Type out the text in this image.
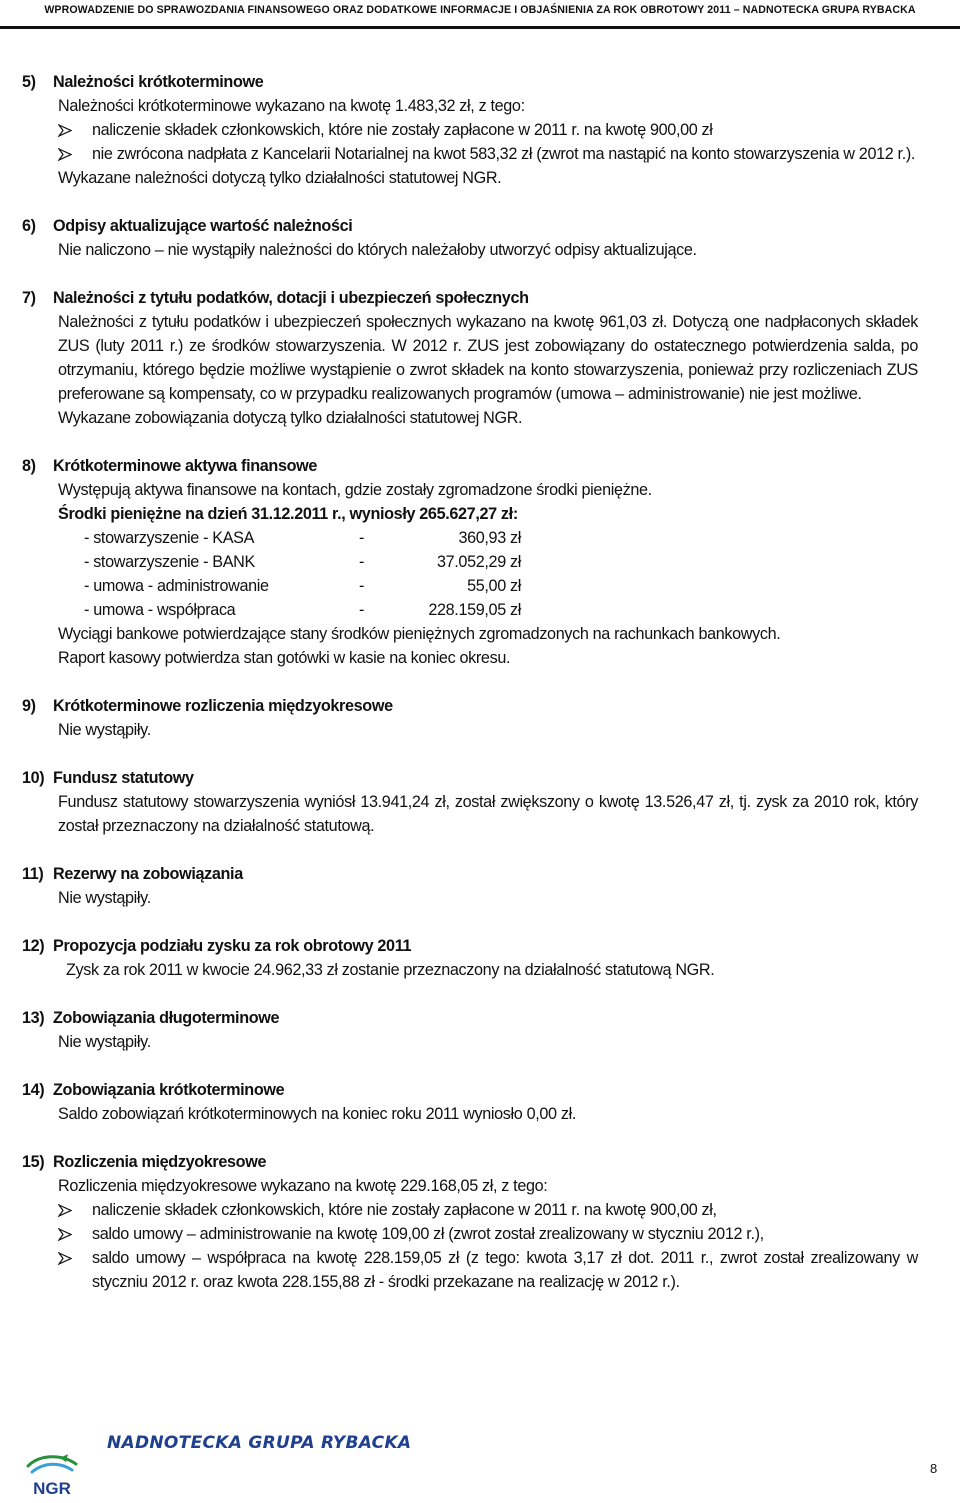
WPROWADZENIE DO SPRAWOZDANIA FINANSOWEGO ORAZ DODATKOWE INFORMACJE I OBJAŚNIENIA ZA ROK OBROTOWY 2011 – NADNOTECKA GRUPA RYBACKA
5)	Należności krótkoterminowe
Należności krótkoterminowe wykazano na kwotę 1.483,32 zł, z tego:
naliczenie składek członkowskich, które nie zostały zapłacone w 2011 r. na kwotę 900,00 zł
nie zwrócona nadpłata z Kancelarii Notarialnej na kwot 583,32 zł (zwrot ma nastąpić na konto stowarzyszenia w 2012 r.).
Wykazane należności dotyczą tylko działalności statutowej NGR.
6)	Odpisy aktualizujące wartość należności
Nie naliczono – nie wystąpiły należności do których należałoby utworzyć odpisy aktualizujące.
7)	Należności z tytułu podatków, dotacji i ubezpieczeń społecznych
Należności z tytułu podatków i ubezpieczeń społecznych wykazano na kwotę 961,03 zł. Dotyczą one nadpłaconych składek ZUS (luty 2011 r.) ze środków stowarzyszenia. W 2012 r. ZUS jest zobowiązany do ostatecznego potwierdzenia salda, po otrzymaniu, którego będzie możliwe wystąpienie o zwrot składek na konto stowarzyszenia, ponieważ przy rozliczeniach ZUS preferowane są kompensaty, co w przypadku realizowanych programów (umowa – administrowanie) nie jest możliwe.
Wykazane zobowiązania dotyczą tylko działalności statutowej NGR.
8)	Krótkoterminowe aktywa finansowe
Występują aktywa finansowe na kontach, gdzie zostały zgromadzone środki pieniężne.
Środki pieniężne na dzień 31.12.2011 r., wyniosły 265.627,27 zł:
- stowarzyszenie - KASA	-	360,93 zł
- stowarzyszenie - BANK	-	37.052,29 zł
- umowa - administrowanie	-	55,00 zł
- umowa - współpraca	-	228.159,05 zł
Wyciągi bankowe potwierdzające stany środków pieniężnych zgromadzonych na rachunkach bankowych.
Raport kasowy potwierdza stan gotówki w kasie na koniec okresu.
9)	Krótkoterminowe rozliczenia międzyokresowe
Nie wystąpiły.
10) Fundusz statutowy
Fundusz statutowy stowarzyszenia wyniósł 13.941,24 zł, został zwiększony o kwotę 13.526,47 zł, tj. zysk za 2010 rok, który został przeznaczony na działalność statutową.
11) Rezerwy na zobowiązania
Nie wystąpiły.
12) Propozycja podziału zysku za rok obrotowy 2011
Zysk za rok 2011 w kwocie 24.962,33 zł zostanie przeznaczony na działalność statutową NGR.
13) Zobowiązania długoterminowe
Nie wystąpiły.
14) Zobowiązania krótkoterminowe
Saldo zobowiązań krótkoterminowych na koniec roku 2011 wyniosło 0,00 zł.
15) Rozliczenia międzyokresowe
Rozliczenia międzyokresowe wykazano na kwotę 229.168,05 zł, z tego:
naliczenie składek członkowskich, które nie zostały zapłacone w 2011 r. na kwotę 900,00 zł,
saldo umowy – administrowanie na kwotę 109,00 zł (zwrot został zrealizowany w styczniu 2012 r.),
saldo umowy – współpraca na kwotę 228.159,05 zł (z tego: kwota 3,17 zł dot. 2011 r., zwrot został zrealizowany w styczniu 2012 r. oraz kwota 228.155,88 zł - środki przekazane na realizację w 2012 r.).
NADNOTECKA GRUPA RYBACKA
NGR
8
